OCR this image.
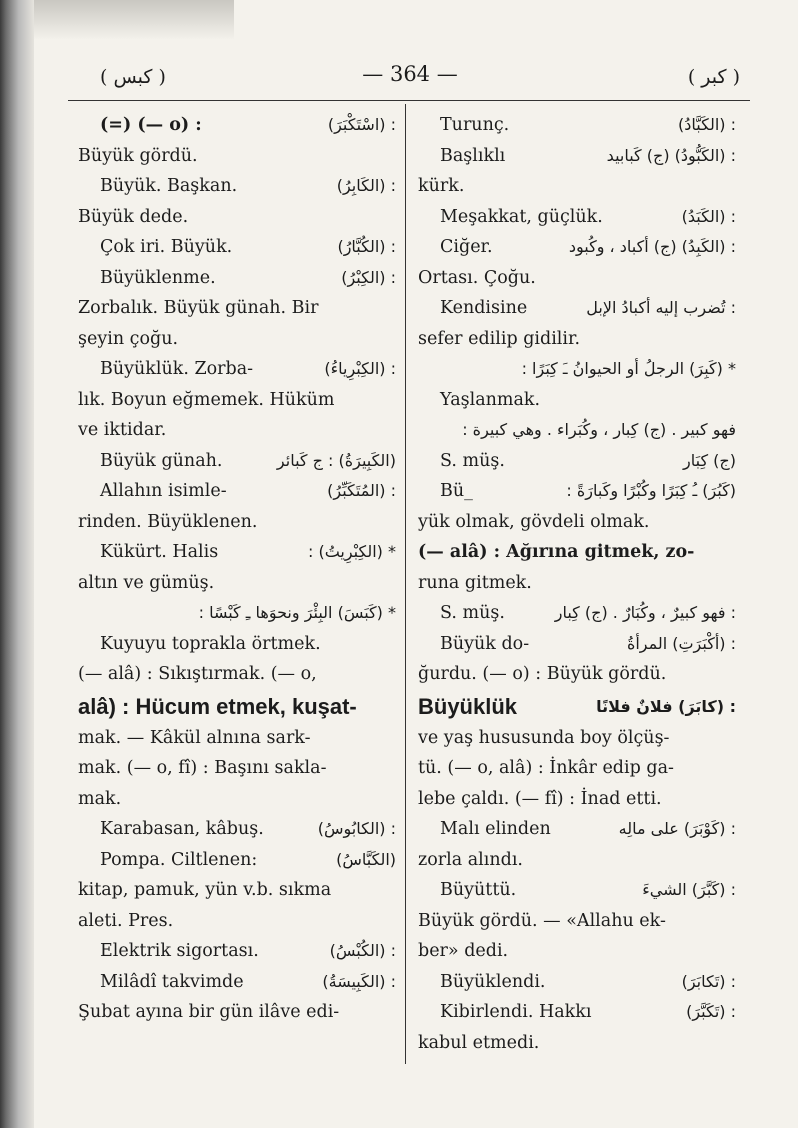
( كبس )	— 364 —	( كبر )
(=) (— o) :	: (اسْتَكْبَرَ)
Büyük gördü.
Büyük. Başkan.	: (الكَابِرُ)
Büyük dede.
Çok iri. Büyük.	: (الكُبَّارُ)
Büyüklenme.	: (الكِبْرُ)
Zorbalık. Büyük günah. Bir
şeyin çoğu.
Büyüklük. Zorba-	: (الكِبْرِياءُ)
lık. Boyun eğmemek. Hüküm
ve iktidar.
Büyük günah.	(الكَبِيرَةُ) : ج كَبائر
Allahın isimle-	: (المُتَكَبِّرُ)
rinden. Büyüklenen.
Kükürt. Halis	* (الكِبْرِيتُ) :
altın ve gümüş.
* (كَبَسَ) البِئْرَ ونحوَها ـِ كَبْسًا :
Kuyuyu toprakla örtmek.
(— alâ) : Sıkıştırmak. (— o,
alâ) : Hücum etmek, kuşat-
mak. — Kâkül alnına sark-
mak. (— o, fî) : Başını sakla-
mak.
Karabasan, kâbuş.	: (الكابُوسُ)
Pompa. Ciltlenen:	(الكَبَّاسُ)
kitap, pamuk, yün v.b. sıkma
aleti. Pres.
Elektrik sigortası.	: (الكُبْسُ)
Milâdî takvimde	: (الكَبِيسَةُ)
Şubat ayına bir gün ilâve edi-
Turunç.	: (الكَبَّادُ)
Başlıklı	: (الكَبُّودُ) (ج) كَبابيد
kürk.
Meşakkat, güçlük.	: (الكَبَدُ)
Ciğer.	: (الكَبِدُ) (ج) أكباد ، وكُبود
Ortası. Çoğu.
Kendisine	: تُضرب إليه أكبادُ الإبل
sefer edilip gidilir.
* (كَبِرَ) الرجلُ أو الحيوانُ ـَ كِبَرًا :
Yaşlanmak.
فهو كبير . (ج) كِبار ، وكُبَراء . وهي كبيرة :
S. müş.	(ج) كِبَار
Bü_	(كَبُرَ) ـُ كِبَرًا وكُبْرًا وكَبارَةً :
yük olmak, gövdeli olmak.
(— alâ) : Ağırına gitmek, zo-
runa gitmek.
S. müş.	: فهو كبيرٌ ، وكُبَارٌ . (ج) كِبار
Büyük do-	: (أكْبَرَتِ) المرأةُ
ğurdu. (— o) : Büyük gördü.
Büyüklük	: (كابَرَ) فلانٌ فلانًا
ve yaş hususunda boy ölçüş-
tü. (— o, alâ) : İnkâr edip ga-
lebe çaldı. (— fî) : İnad etti.
Malı elinden	: (كَوْبَرَ) على مالِه
zorla alındı.
Büyüttü.	: (كَبَّرَ) الشيءَ
Büyük gördü. — «Allahu ek-
ber» dedi.
Büyüklendi.	: (تَكابَرَ)
Kibirlendi. Hakkı	: (تَكَبَّرَ)
kabul etmedi.
